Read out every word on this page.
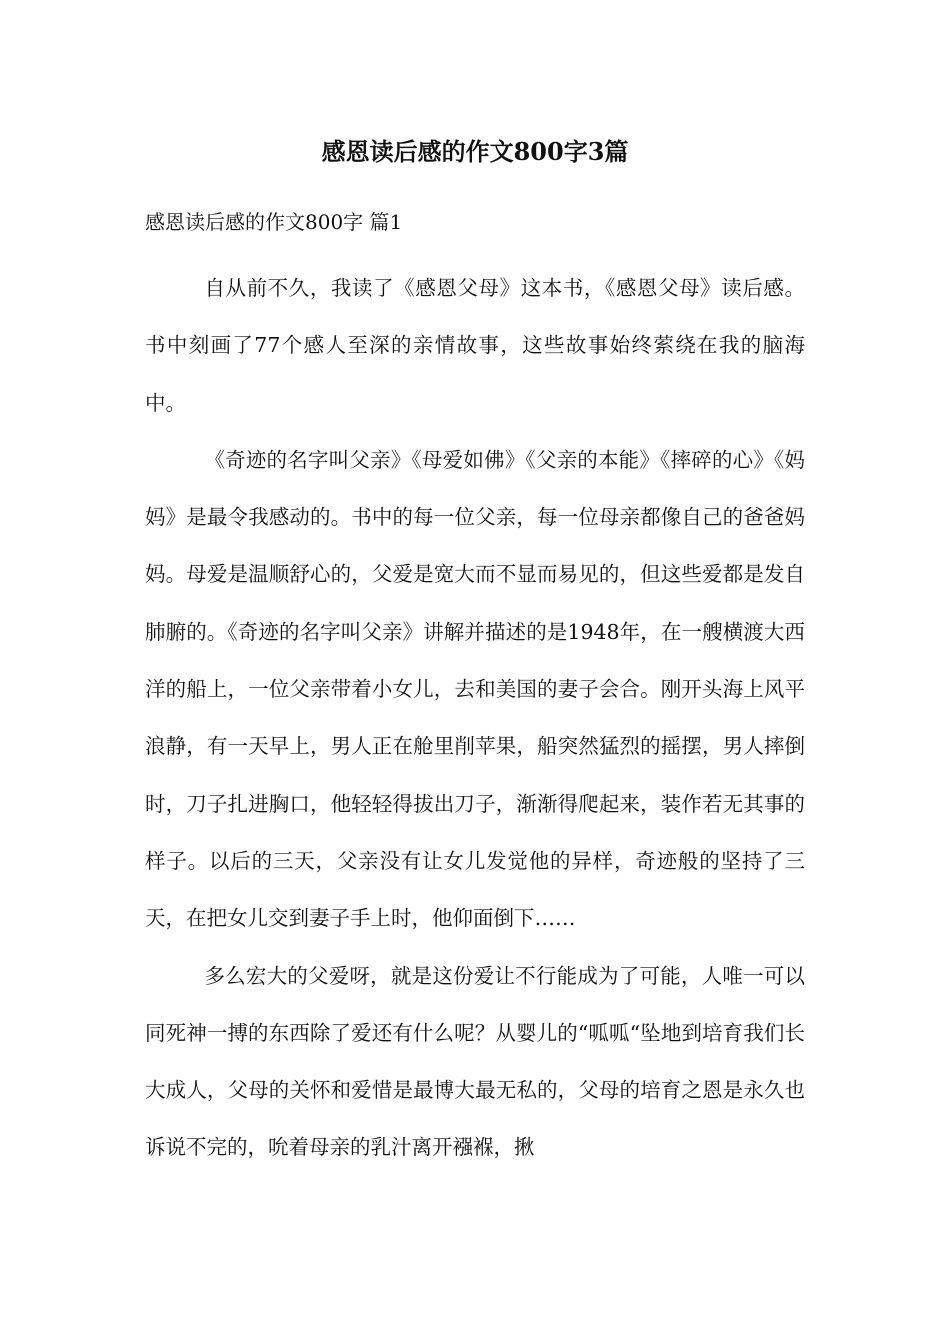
感恩读后感的作文800字3篇
感恩读后感的作文800字 篇1

自从前不久，我读了《感恩父母》这本书，《感恩父母》读后感。书中刻画了77个感人至深的亲情故事，这些故事始终萦绕在我的脑海中。

《奇迹的名字叫父亲》《母爱如佛》《父亲的本能》《摔碎的心》《妈妈》是最令我感动的。书中的每一位父亲，每一位母亲都像自己的爸爸妈妈。母爱是温顺舒心的，父爱是宽大而不显而易见的，但这些爱都是发自肺腑的。《奇迹的名字叫父亲》讲解并描述的是1948年，在一艘横渡大西洋的船上，一位父亲带着小女儿，去和美国的妻子会合。刚开头海上风平浪静，有一天早上，男人正在舱里削苹果，船突然猛烈的摇摆，男人摔倒时，刀子扎进胸口，他轻轻得拔出刀子，渐渐得爬起来，装作若无其事的样子。以后的三天，父亲没有让女儿发觉他的异样，奇迹般的坚持了三天，在把女儿交到妻子手上时，他仰面倒下……

多么宏大的父爱呀，就是这份爱让不行能成为了可能，人唯一可以同死神一搏的东西除了爱还有什么呢？从婴儿的“呱呱“坠地到培育我们长大成人，父母的关怀和爱惜是最博大最无私的，父母的培育之恩是永久也诉说不完的，吮着母亲的乳汁离开襁褓，揪
